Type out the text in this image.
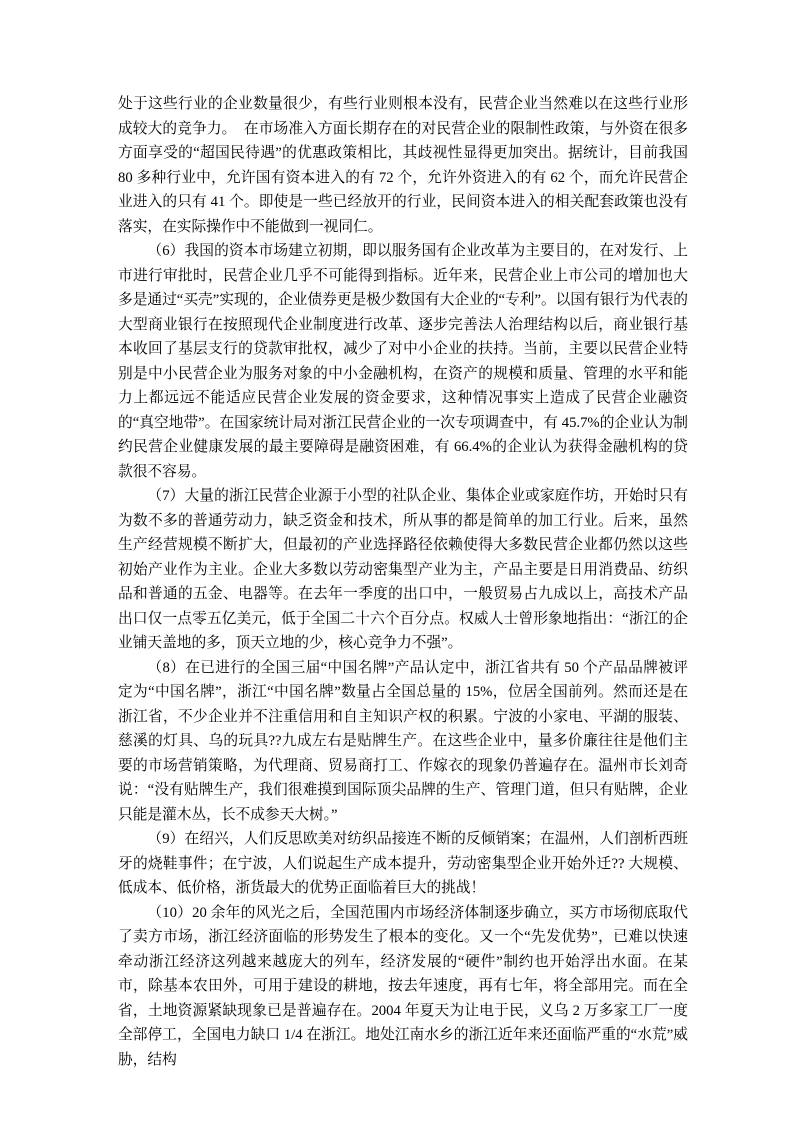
处于这些行业的企业数量很少，有些行业则根本没有，民营企业当然难以在这些行业形成较大的竞争力。　在市场准入方面长期存在的对民营企业的限制性政策，与外资在很多方面享受的“超国民待遇”的优惠政策相比，其歧视性显得更加突出。据统计，目前我国 80 多种行业中，允许国有资本进入的有 72 个，允许外资进入的有 62 个，而允许民营企业进入的只有 41 个。即使是一些已经放开的行业，民间资本进入的相关配套政策也没有落实，在实际操作中不能做到一视同仁。

（6）我国的资本市场建立初期，即以服务国有企业改革为主要目的，在对发行、上市进行审批时，民营企业几乎不可能得到指标。近年来，民营企业上市公司的增加也大多是通过“买壳”实现的，企业债券更是极少数国有大企业的“专利”。以国有银行为代表的大型商业银行在按照现代企业制度进行改革、逐步完善法人治理结构以后，商业银行基本收回了基层支行的贷款审批权，减少了对中小企业的扶持。当前，主要以民营企业特别是中小民营企业为服务对象的中小金融机构，在资产的规模和质量、管理的水平和能力上都远远不能适应民营企业发展的资金要求，这种情况事实上造成了民营企业融资的“真空地带”。在国家统计局对浙江民营企业的一次专项调查中，有 45.7%的企业认为制约民营企业健康发展的最主要障碍是融资困难，有 66.4%的企业认为获得金融机构的贷款很不容易。

（7）大量的浙江民营企业源于小型的社队企业、集体企业或家庭作坊，开始时只有为数不多的普通劳动力，缺乏资金和技术，所从事的都是简单的加工行业。后来，虽然生产经营规模不断扩大，但最初的产业选择路径依赖使得大多数民营企业都仍然以这些初始产业作为主业。企业大多数以劳动密集型产业为主，产品主要是日用消费品、纺织品和普通的五金、电器等。在去年一季度的出口中，一般贸易占九成以上，高技术产品出口仅一点零五亿美元，低于全国二十六个百分点。权威人士曾形象地指出：“浙江的企业铺天盖地的多，顶天立地的少，核心竞争力不强”。

（8）在已进行的全国三届“中国名牌”产品认定中，浙江省共有 50 个产品品牌被评定为“中国名牌”，浙江“中国名牌”数量占全国总量的 15%，位居全国前列。然而还是在浙江省，不少企业并不注重信用和自主知识产权的积累。宁波的小家电、平湖的服装、慈溪的灯具、乌的玩具??九成左右是贴牌生产。在这些企业中，量多价廉往往是他们主要的市场营销策略，为代理商、贸易商打工、作嫁衣的现象仍普遍存在。温州市长刘奇说：“没有贴牌生产，我们很难摸到国际顶尖品牌的生产、管理门道，但只有贴牌，企业只能是灌木丛，长不成参天大树。”

（9）在绍兴，人们反思欧美对纺织品接连不断的反倾销案；在温州，人们剖析西班牙的烧鞋事件；在宁波，人们说起生产成本提升，劳动密集型企业开始外迁?? 大规模、低成本、低价格，浙货最大的优势正面临着巨大的挑战！

（10）20 余年的风光之后，全国范围内市场经济体制逐步确立，买方市场彻底取代了卖方市场，浙江经济面临的形势发生了根本的变化。又一个“先发优势”，已难以快速牵动浙江经济这列越来越庞大的列车，经济发展的“硬件”制约也开始浮出水面。在某市，除基本农田外，可用于建设的耕地，按去年速度，再有七年，将全部用完。而在全省，土地资源紧缺现象已是普遍存在。2004 年夏天为让电于民，义乌 2 万多家工厂一度全部停工，全国电力缺口 1/4 在浙江。地处江南水乡的浙江近年来还面临严重的“水荒”威胁，结构
